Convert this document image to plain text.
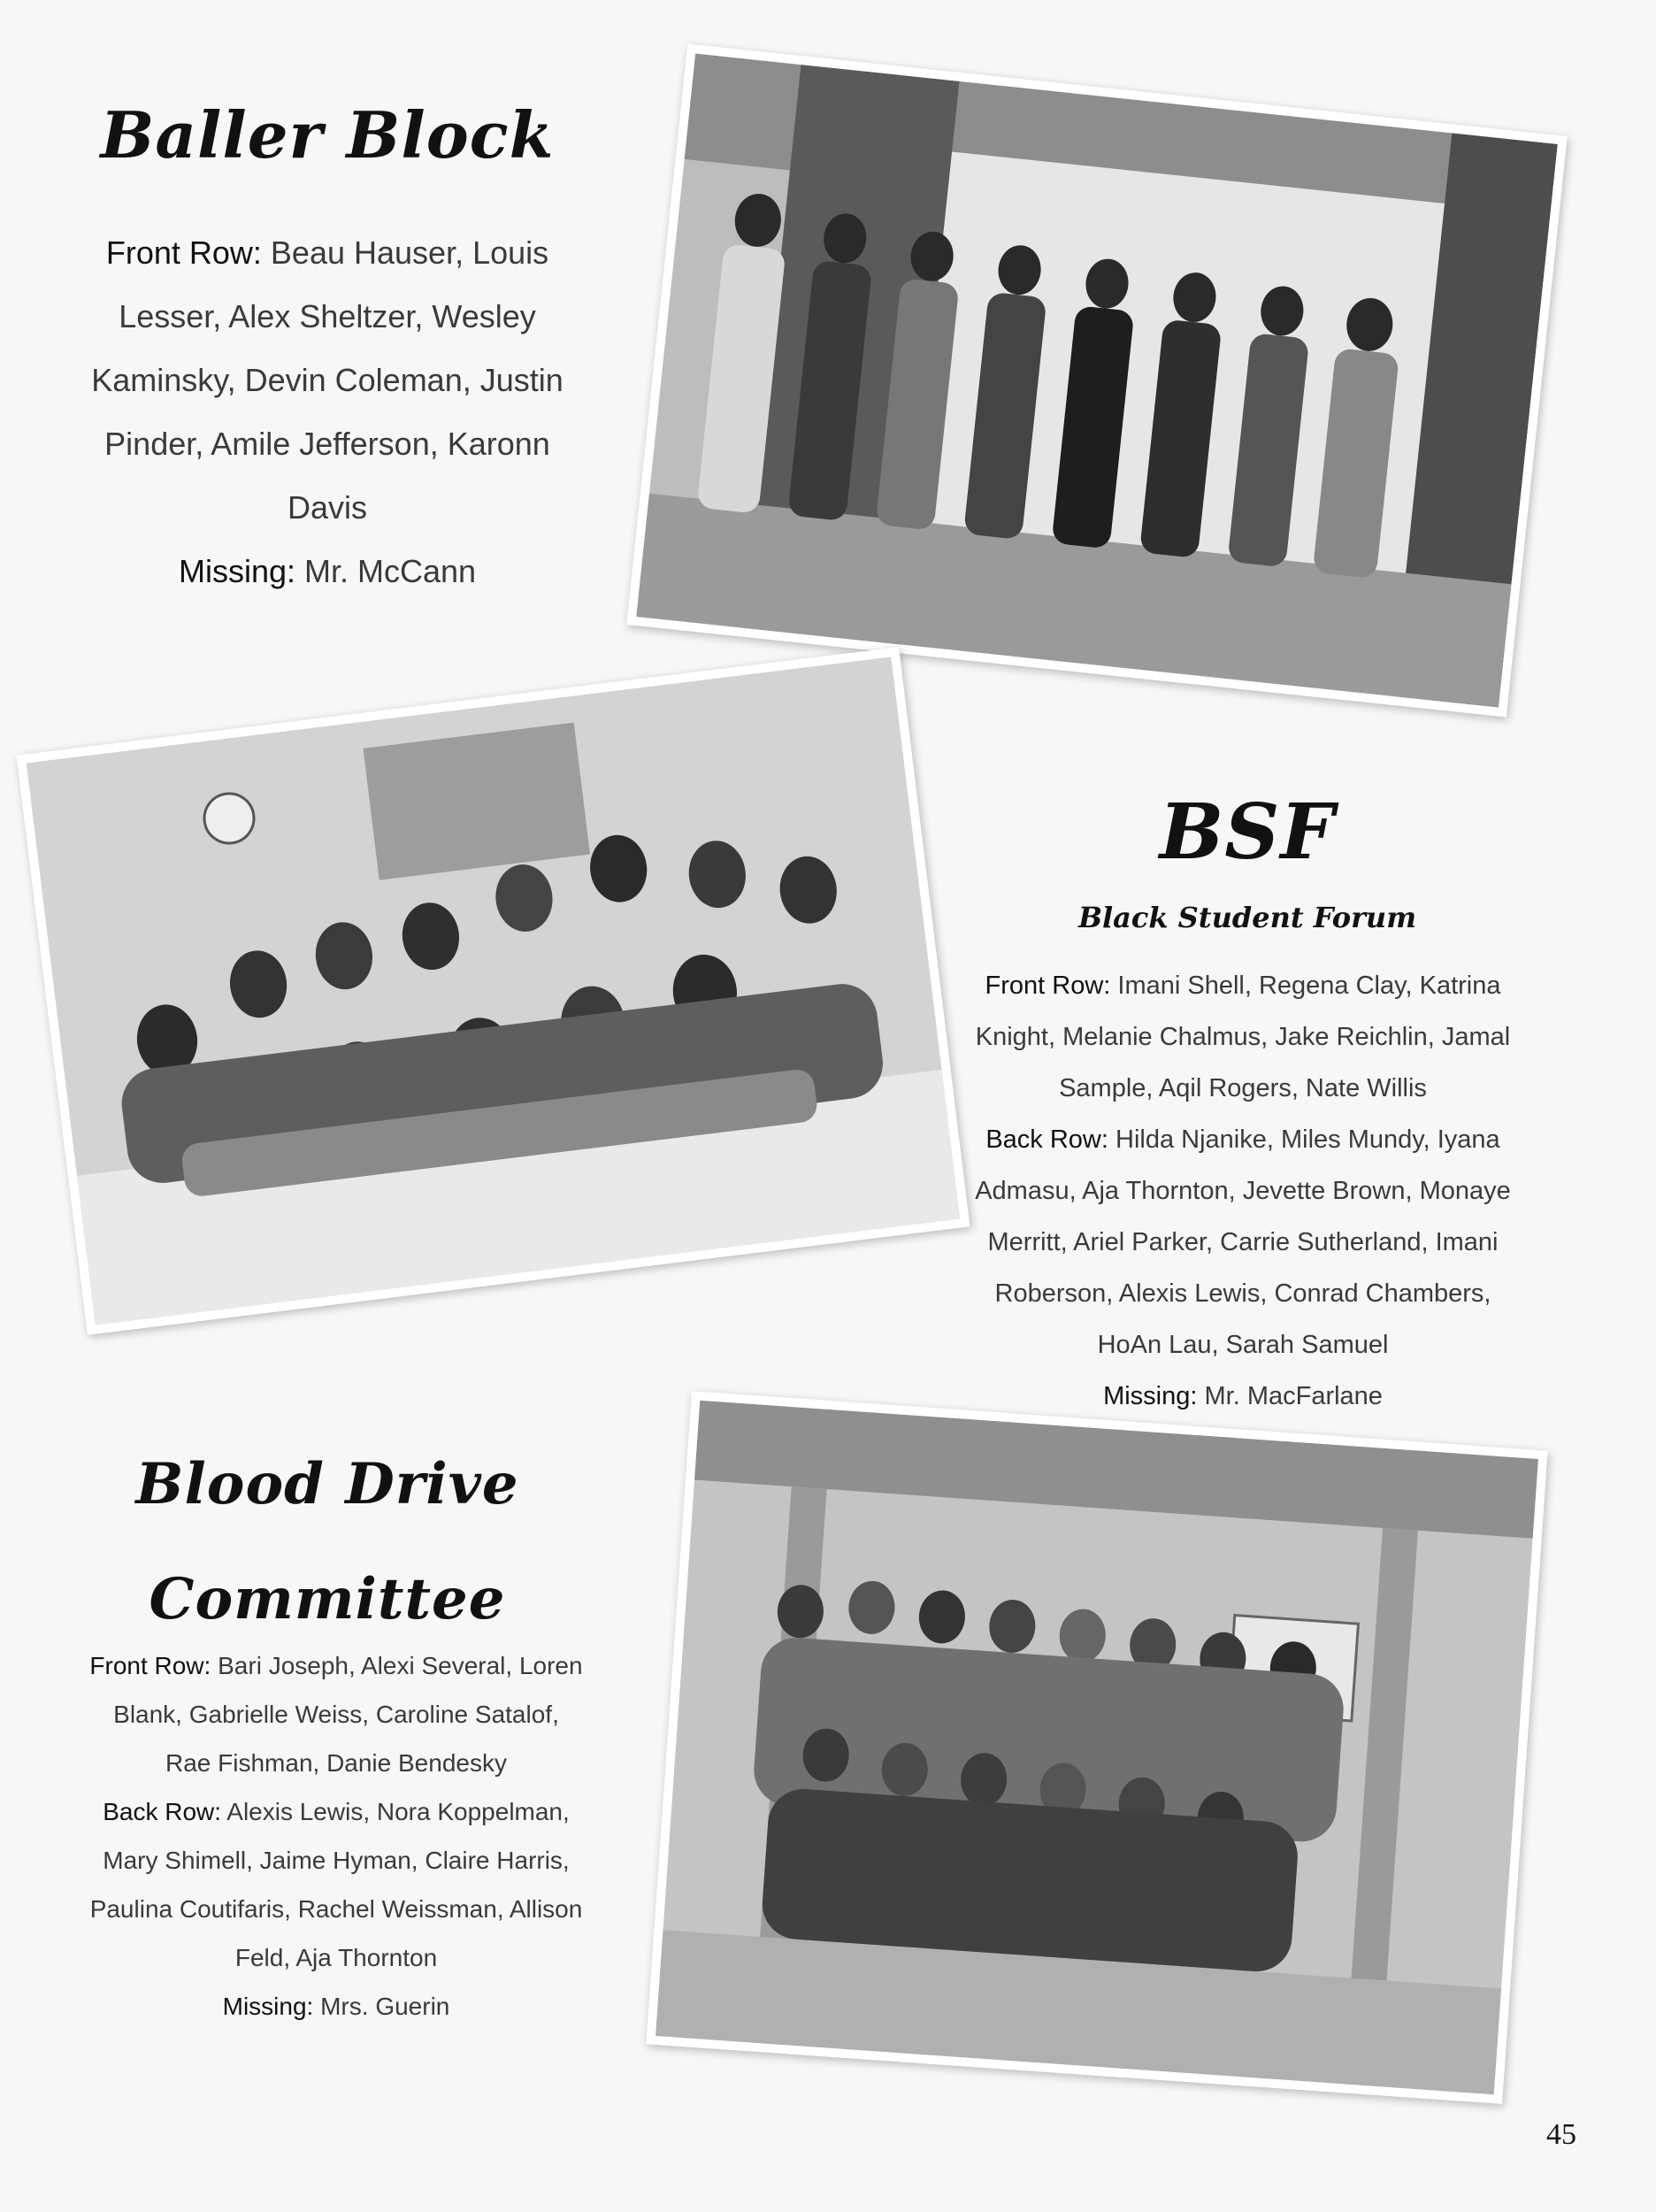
Baller Block
Front Row: Beau Hauser, Louis Lesser, Alex Sheltzer, Wesley Kaminsky, Devin Coleman, Justin Pinder, Amile Jefferson, Karonn Davis
Missing: Mr. McCann
BSF
Black Student Forum
Front Row: Imani Shell, Regena Clay, Katrina Knight, Melanie Chalmus, Jake Reichlin, Jamal Sample, Aqil Rogers, Nate Willis
Back Row: Hilda Njanike, Miles Mundy, Iyana Admasu, Aja Thornton, Jevette Brown, Monaye Merritt, Ariel Parker, Carrie Sutherland, Imani Roberson, Alexis Lewis, Conrad Chambers, HoAn Lau, Sarah Samuel
Missing: Mr. MacFarlane
Blood Drive
Committee
Front Row: Bari Joseph, Alexi Several, Loren Blank, Gabrielle Weiss, Caroline Satalof, Rae Fishman, Danie Bendesky
Back Row: Alexis Lewis, Nora Koppelman, Mary Shimell, Jaime Hyman, Claire Harris, Paulina Coutifaris, Rachel Weissman, Allison Feld, Aja Thornton
Missing: Mrs. Guerin
45
